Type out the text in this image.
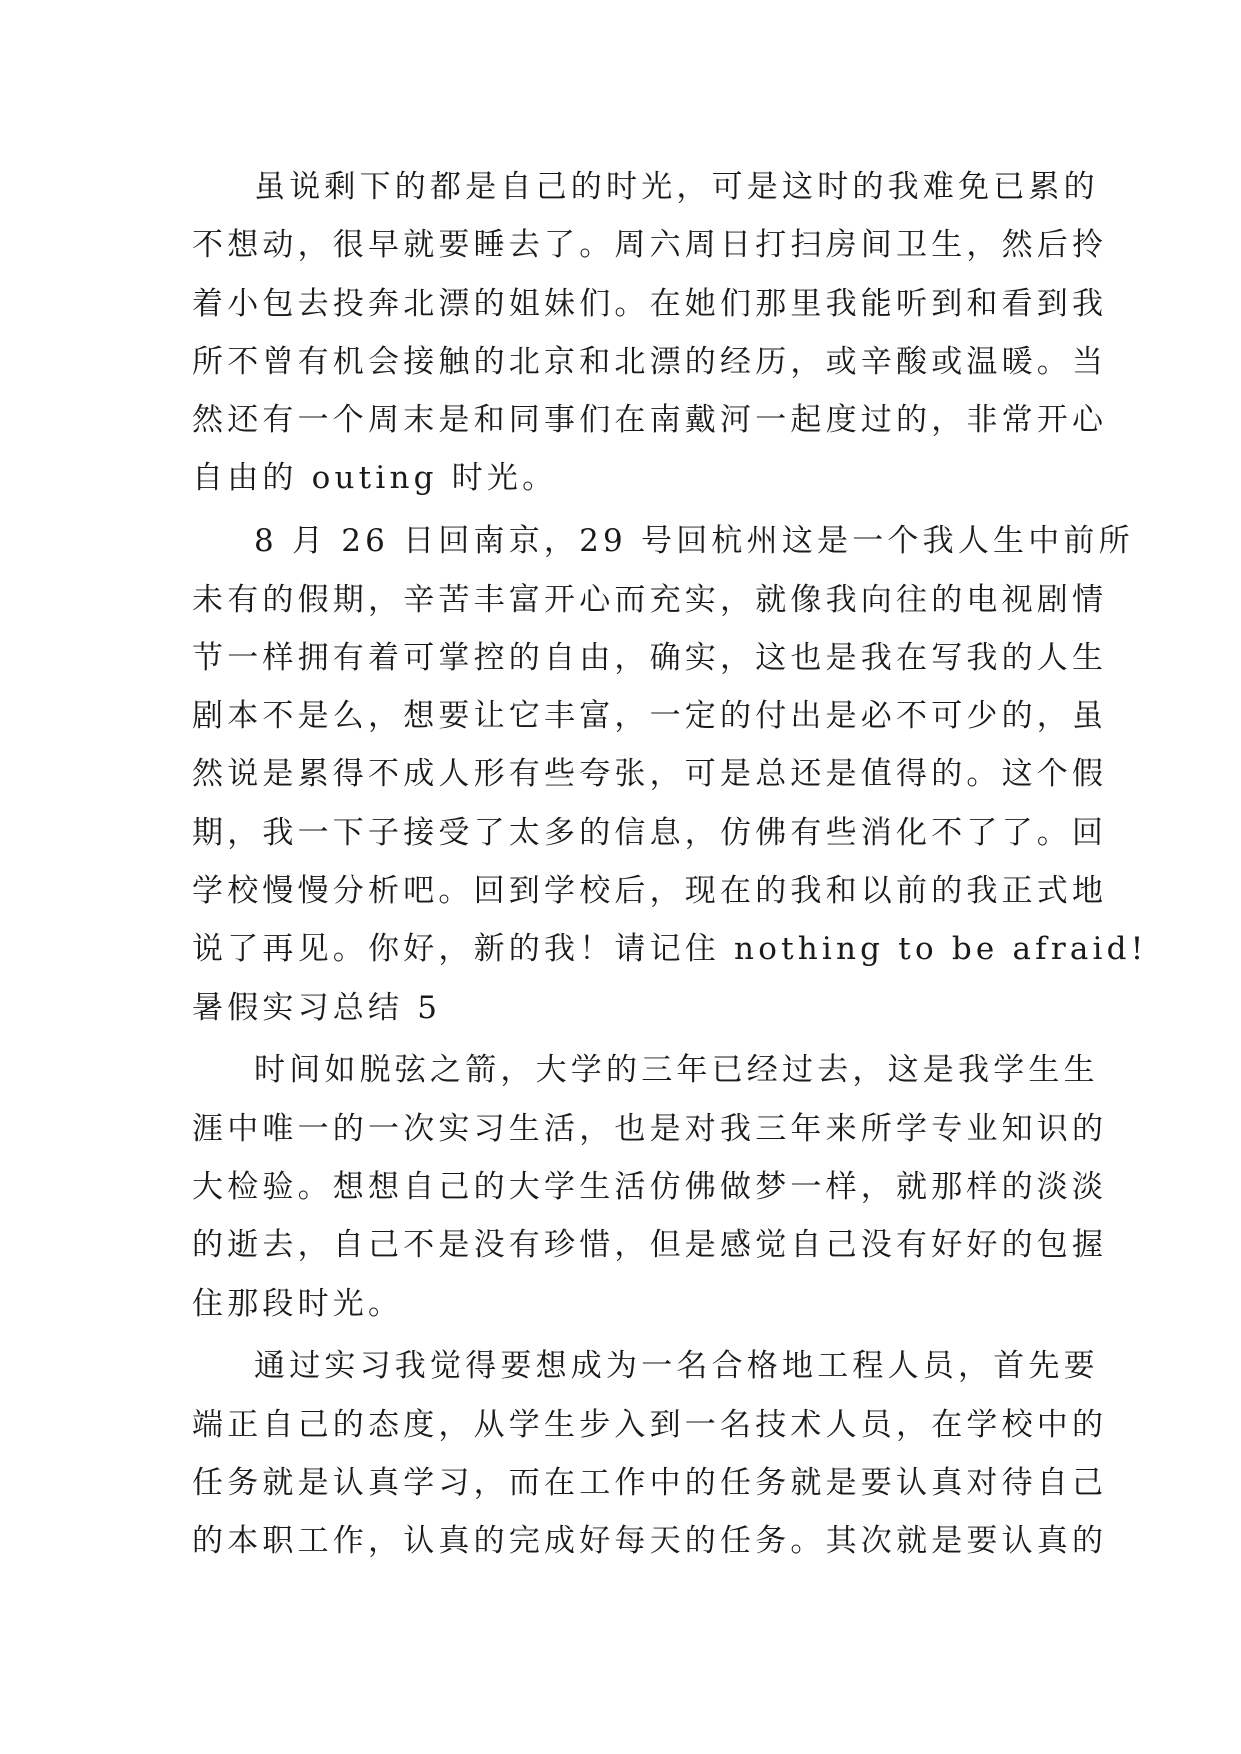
虽说剩下的都是自己的时光，可是这时的我难免已累的
不想动，很早就要睡去了。周六周日打扫房间卫生，然后拎
着小包去投奔北漂的姐妹们。在她们那里我能听到和看到我
所不曾有机会接触的北京和北漂的经历，或辛酸或温暖。当
然还有一个周末是和同事们在南戴河一起度过的，非常开心
自由的 outing 时光。
8 月 26 日回南京，29 号回杭州这是一个我人生中前所
未有的假期，辛苦丰富开心而充实，就像我向往的电视剧情
节一样拥有着可掌控的自由，确实，这也是我在写我的人生
剧本不是么，想要让它丰富，一定的付出是必不可少的，虽
然说是累得不成人形有些夸张，可是总还是值得的。这个假
期，我一下子接受了太多的信息，仿佛有些消化不了了。回
学校慢慢分析吧。回到学校后，现在的我和以前的我正式地
说了再见。你好，新的我！请记住 nothing to be afraid!
暑假实习总结 5
时间如脱弦之箭，大学的三年已经过去，这是我学生生
涯中唯一的一次实习生活，也是对我三年来所学专业知识的
大检验。想想自己的大学生活仿佛做梦一样，就那样的淡淡
的逝去，自己不是没有珍惜，但是感觉自己没有好好的包握
住那段时光。
通过实习我觉得要想成为一名合格地工程人员，首先要
端正自己的态度，从学生步入到一名技术人员，在学校中的
任务就是认真学习，而在工作中的任务就是要认真对待自己
的本职工作，认真的完成好每天的任务。其次就是要认真的
